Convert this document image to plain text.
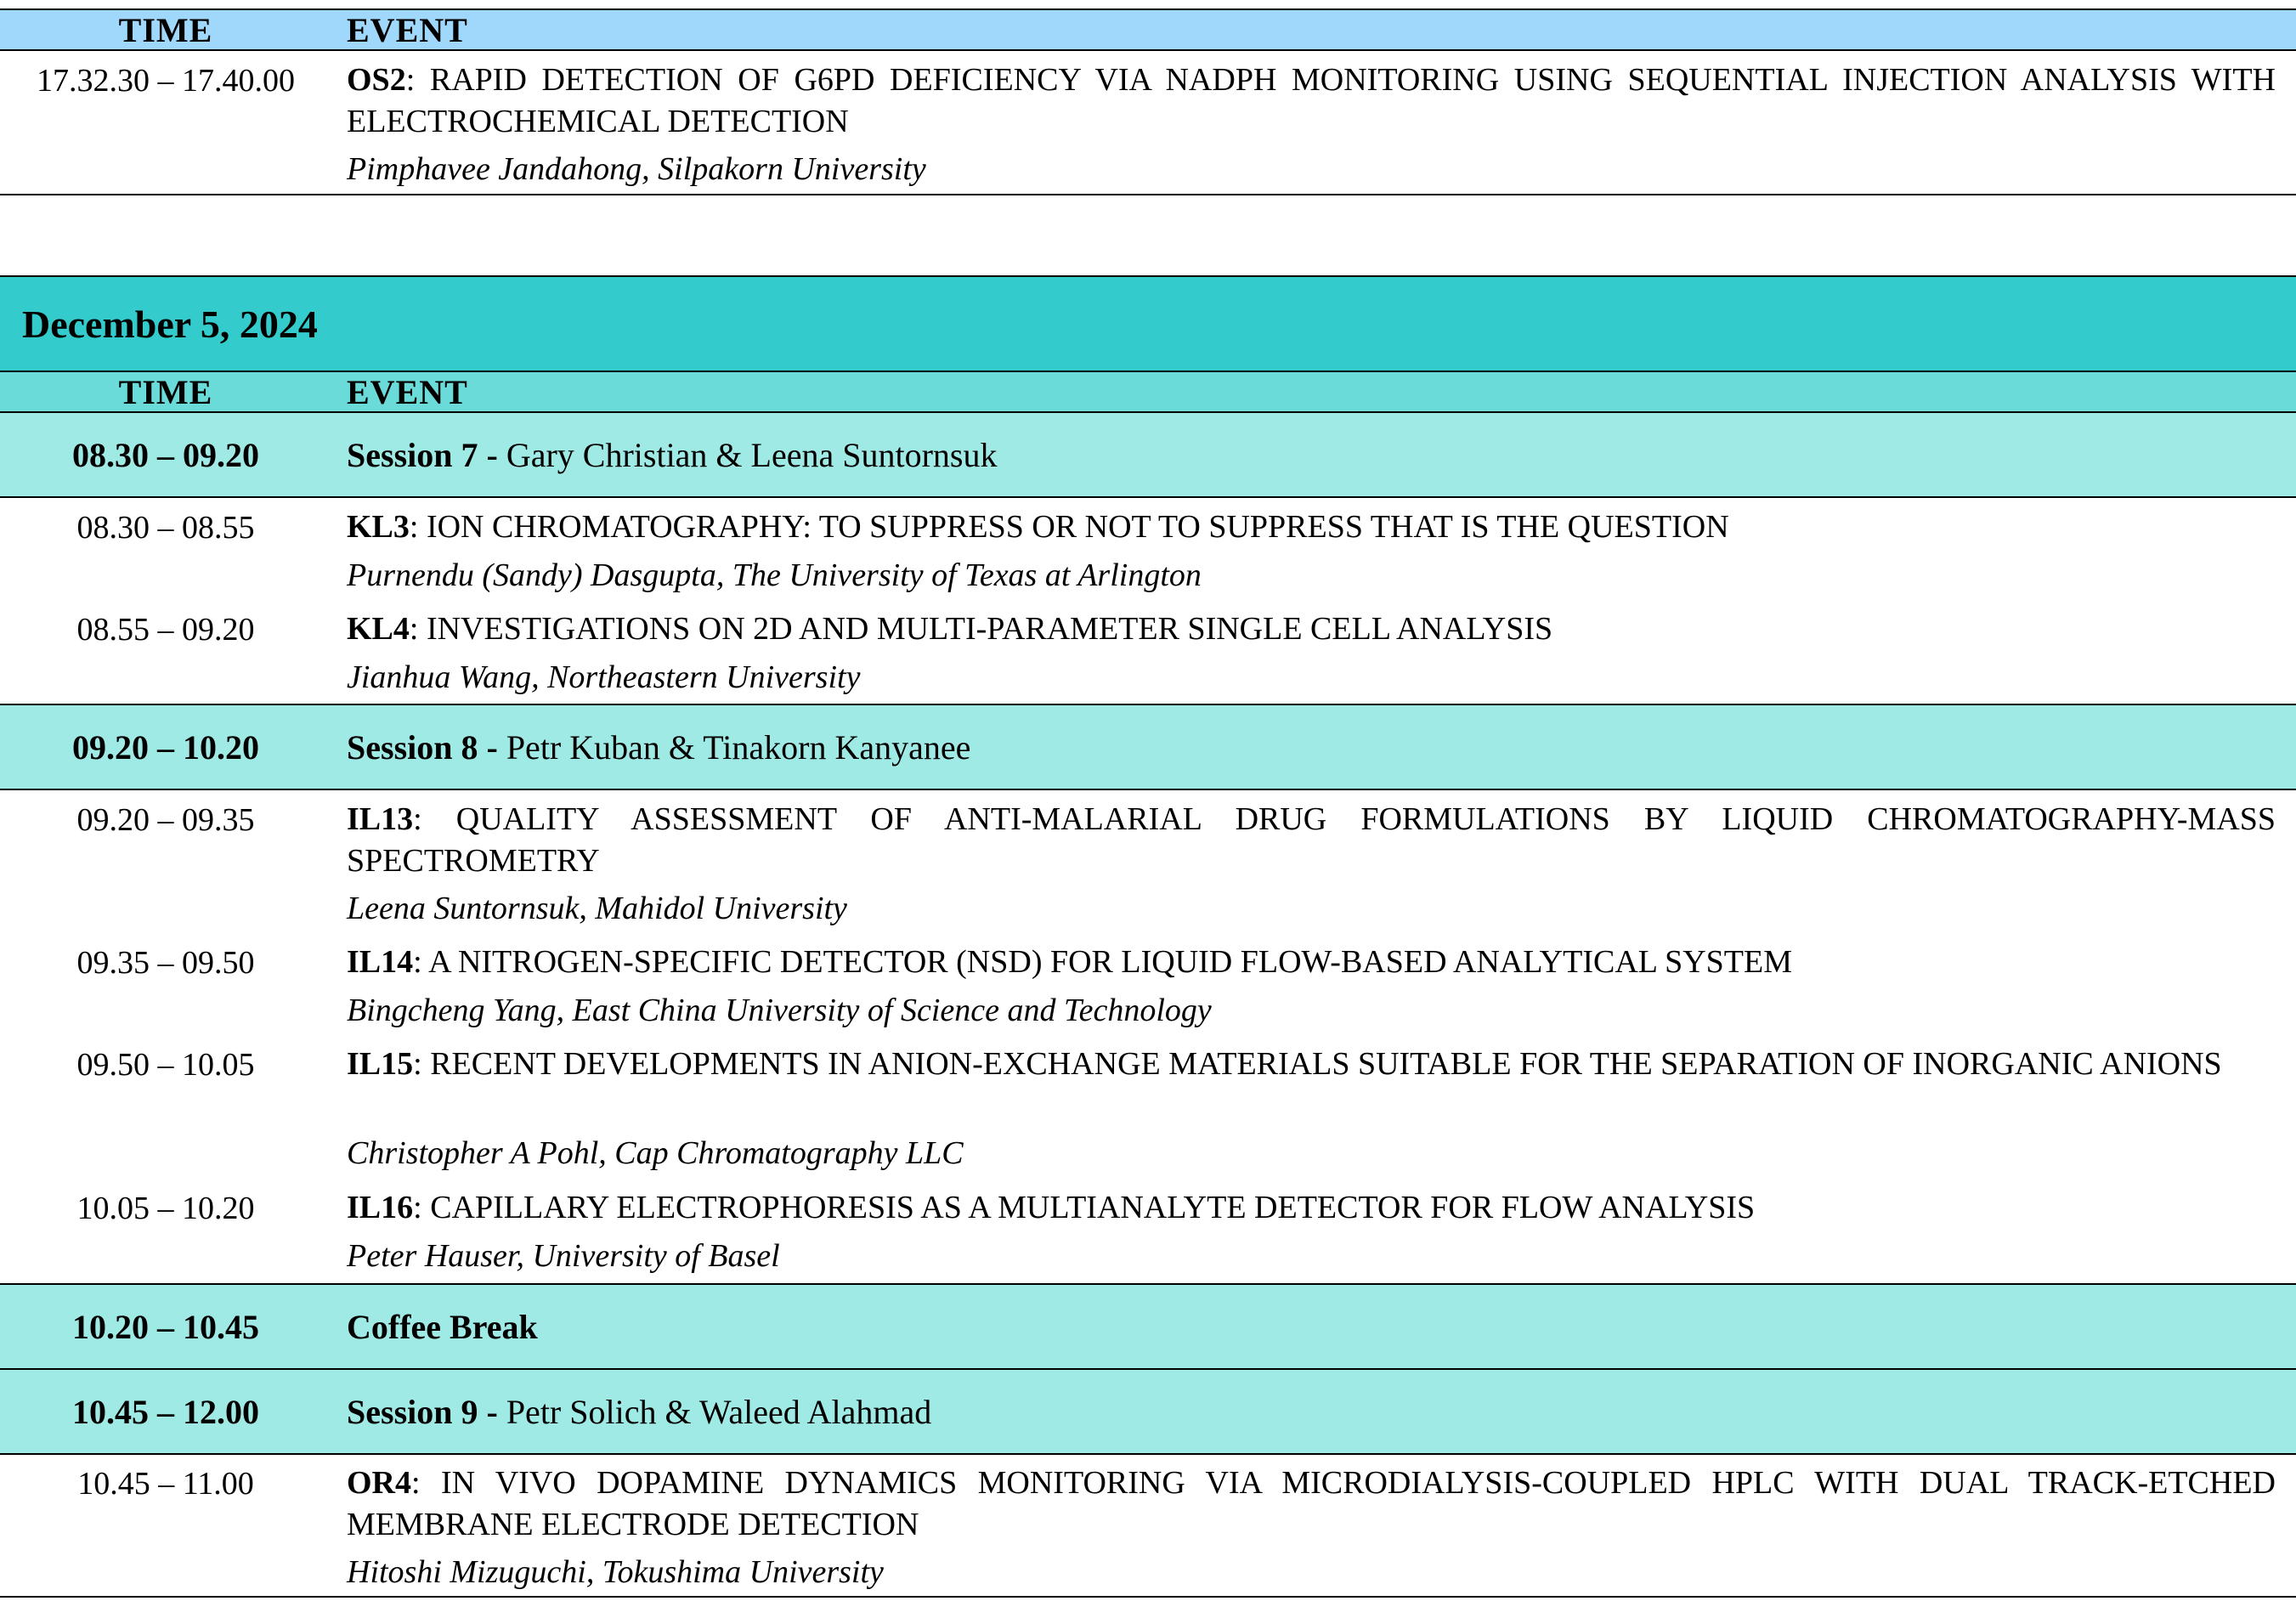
TIME	EVENT
17.32.30 – 17.40.00	OS2: RAPID DETECTION OF G6PD DEFICIENCY VIA NADPH MONITORING USING SEQUENTIAL INJECTION ANALYSIS WITH ELECTROCHEMICAL DETECTION
Pimphavee Jandahong, Silpakorn University
December 5, 2024
TIME	EVENT
08.30 – 09.20	Session 7 -
Gary Christian & Leena Suntornsuk
08.30 – 08.55	KL3: ION CHROMATOGRAPHY: TO SUPPRESS OR NOT TO SUPPRESS THAT IS THE QUESTION
Purnendu (Sandy) Dasgupta, The University of Texas at Arlington
08.55 – 09.20	KL4: INVESTIGATIONS ON 2D AND MULTI-PARAMETER SINGLE CELL ANALYSIS
Jianhua Wang, Northeastern University
09.20 – 10.20	Session 8 -
Petr Kuban & Tinakorn Kanyanee
09.20 – 09.35	IL13: QUALITY ASSESSMENT OF ANTI-MALARIAL DRUG FORMULATIONS BY LIQUID CHROMATOGRAPHY-MASS SPECTROMETRY
Leena Suntornsuk, Mahidol University
09.35 – 09.50	IL14: A NITROGEN-SPECIFIC DETECTOR (NSD) FOR LIQUID FLOW-BASED ANALYTICAL SYSTEM
Bingcheng Yang, East China University of Science and Technology
09.50 – 10.05	IL15: RECENT DEVELOPMENTS IN ANION-EXCHANGE MATERIALS SUITABLE FOR THE SEPARATION OF INORGANIC ANIONS
Christopher A Pohl, Cap Chromatography LLC
10.05 – 10.20	IL16: CAPILLARY ELECTROPHORESIS AS A MULTIANALYTE DETECTOR FOR FLOW ANALYSIS
Peter Hauser, University of Basel
10.20 – 10.45	Coffee Break
10.45 – 12.00	Session 9 -
Petr Solich & Waleed Alahmad
10.45 – 11.00	OR4: IN VIVO DOPAMINE DYNAMICS MONITORING VIA MICRODIALYSIS-COUPLED HPLC WITH DUAL TRACK-ETCHED MEMBRANE ELECTRODE DETECTION
Hitoshi Mizuguchi, Tokushima University
